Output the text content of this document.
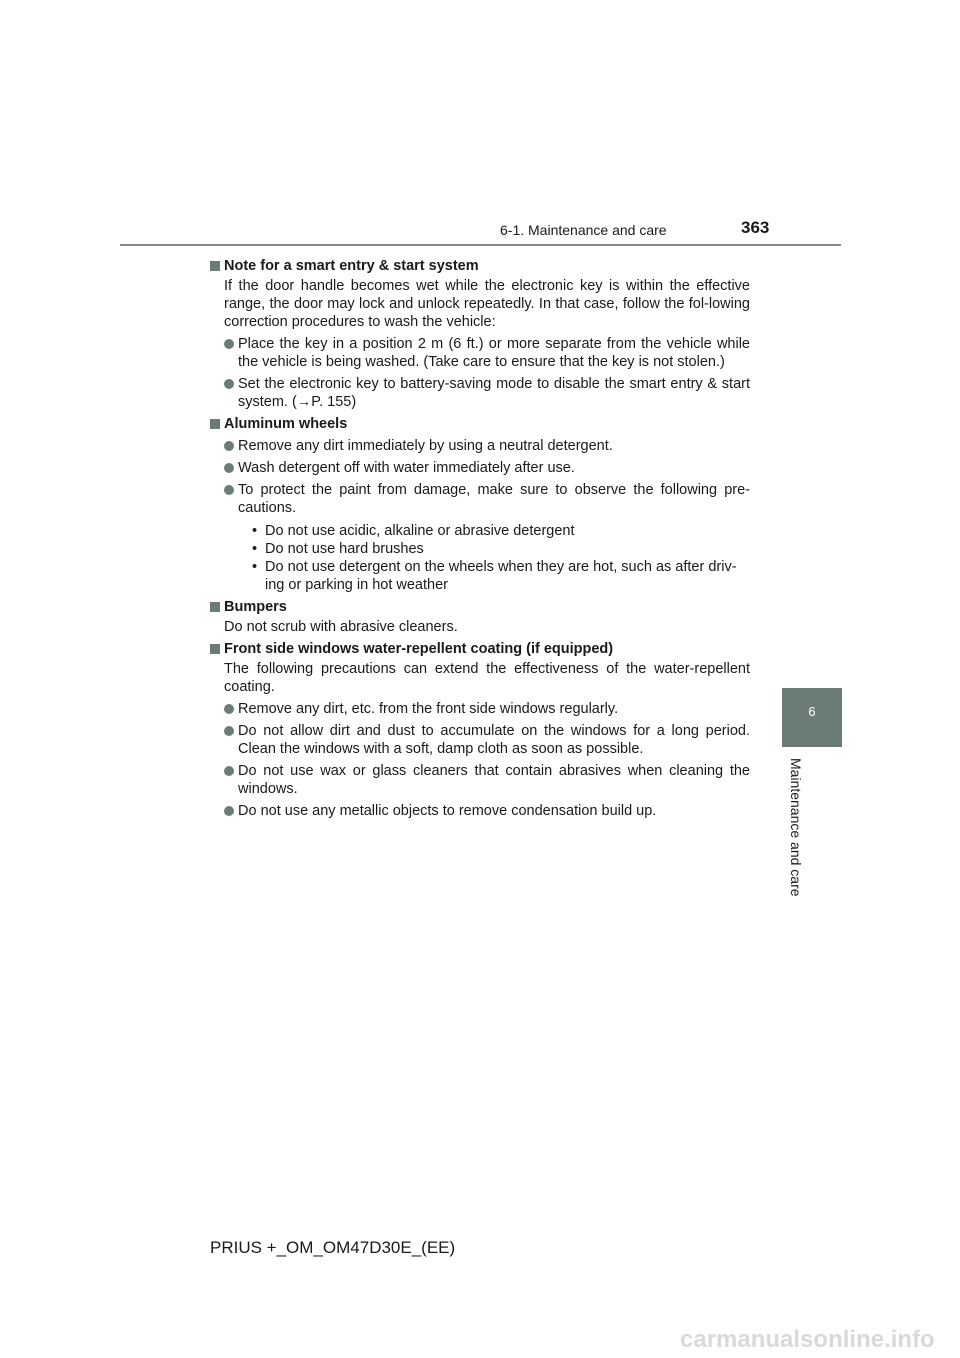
6-1. Maintenance and care	363
6
Maintenance and care
Note for a smart entry & start system
If the door handle becomes wet while the electronic key is within the effective range, the door may lock and unlock repeatedly. In that case, follow the fol-lowing correction procedures to wash the vehicle:
Place the key in a position 2 m (6 ft.) or more separate from the vehicle while the vehicle is being washed. (Take care to ensure that the key is not stolen.)
Set the electronic key to battery-saving mode to disable the smart entry & start system. (→P. 155)
Aluminum wheels
Remove any dirt immediately by using a neutral detergent.
Wash detergent off with water immediately after use.
To protect the paint from damage, make sure to observe the following pre-cautions.
• Do not use acidic, alkaline or abrasive detergent
• Do not use hard brushes
• Do not use detergent on the wheels when they are hot, such as after driv-ing or parking in hot weather
Bumpers
Do not scrub with abrasive cleaners.
Front side windows water-repellent coating (if equipped)
The following precautions can extend the effectiveness of the water-repellent coating.
Remove any dirt, etc. from the front side windows regularly.
Do not allow dirt and dust to accumulate on the windows for a long period. Clean the windows with a soft, damp cloth as soon as possible.
Do not use wax or glass cleaners that contain abrasives when cleaning the windows.
Do not use any metallic objects to remove condensation build up.
PRIUS +_OM_OM47D30E_(EE)
carmanualsonline.info
